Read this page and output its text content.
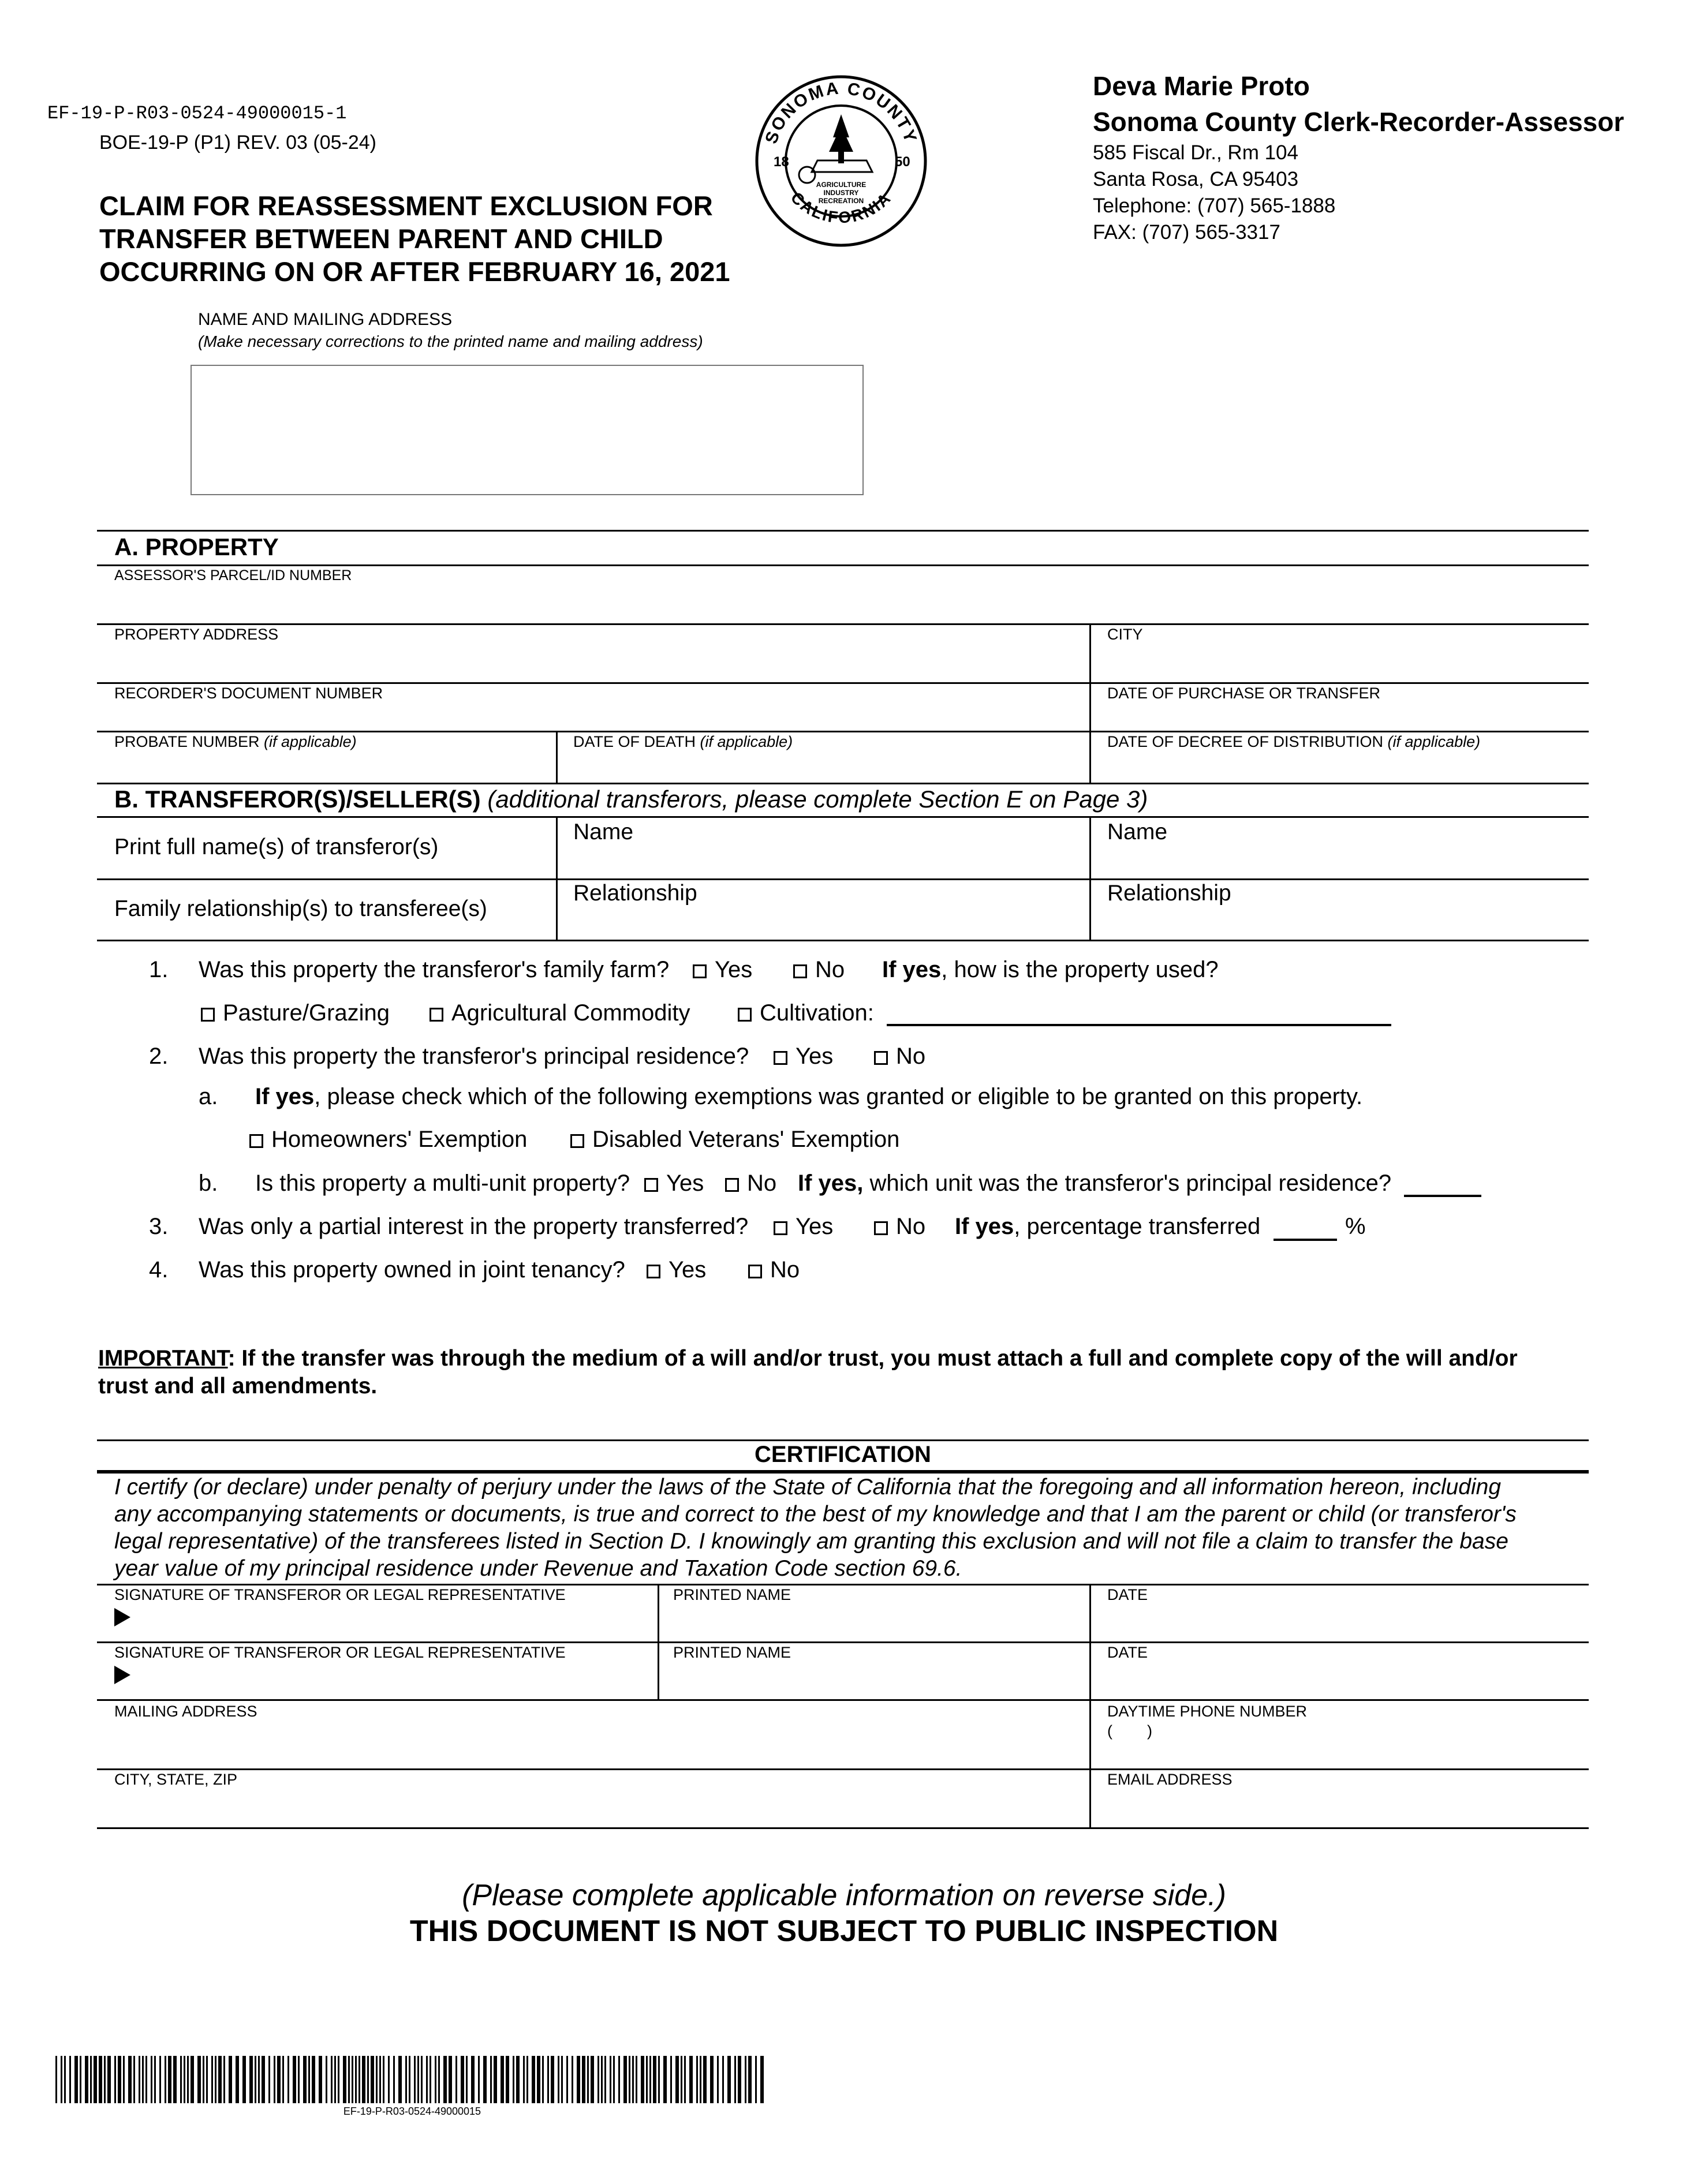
EF-19-P-R03-0524-49000015-1
BOE-19-P (P1) REV. 03 (05-24)
CLAIM FOR REASSESSMENT EXCLUSION FOR
TRANSFER BETWEEN PARENT AND CHILD
OCCURRING ON OR AFTER FEBRUARY 16, 2021
SONOMA COUNTY
CALIFORNIA
18	50
AGRICULTURE
INDUSTRY
RECREATION
Deva Marie Proto
Sonoma County Clerk-Recorder-Assessor
585 Fiscal Dr., Rm 104
Santa Rosa, CA 95403
Telephone: (707) 565-1888
FAX: (707) 565-3317
NAME AND MAILING ADDRESS
(Make necessary corrections to the printed name and mailing address)
A. PROPERTY
ASSESSOR'S PARCEL/ID NUMBER
PROPERTY ADDRESS	CITY
RECORDER'S DOCUMENT NUMBER	DATE OF PURCHASE OR TRANSFER
PROBATE NUMBER (if applicable)	DATE OF DEATH (if applicable)	DATE OF DECREE OF DISTRIBUTION (if applicable)
B. TRANSFEROR(S)/SELLER(S) (additional transferors, please complete Section E on Page 3)
Print full name(s) of transferor(s)
Name	Name
Family relationship(s) to transferee(s)
Relationship	Relationship
1. Was this property the transferor's family farm?	Yes	No If yes, how is the property used?
Pasture/Grazing	Agricultural Commodity	Cultivation:
2. Was this property the transferor's principal residence?	Yes	No
a. If yes, please check which of the following exemptions was granted or eligible to be granted on this property.
Homeowners' Exemption	Disabled Veterans' Exemption
b. Is this property a multi-unit property?	Yes	No If yes, which unit was the transferor's principal residence?
3. Was only a partial interest in the property transferred?	Yes	No If yes, percentage transferred	%
4. Was this property owned in joint tenancy?	Yes	No
IMPORTANT: If the transfer was through the medium of a will and/or trust, you must attach a full and complete copy of the will and/or
trust and all amendments.
CERTIFICATION
I certify (or declare) under penalty of perjury under the laws of the State of California that the foregoing and all information hereon, including
any accompanying statements or documents, is true and correct to the best of my knowledge and that I am the parent or child (or transferor's
legal representative) of the transferees listed in Section D. I knowingly am granting this exclusion and will not file a claim to transfer the base
year value of my principal residence under Revenue and Taxation Code section 69.6.
SIGNATURE OF TRANSFEROR OR LEGAL REPRESENTATIVE	PRINTED NAME	DATE
SIGNATURE OF TRANSFEROR OR LEGAL REPRESENTATIVE	PRINTED NAME	DATE
MAILING ADDRESS	DAYTIME PHONE NUMBER
(        )
CITY, STATE, ZIP	EMAIL ADDRESS
(Please complete applicable information on reverse side.)
THIS DOCUMENT IS NOT SUBJECT TO PUBLIC INSPECTION
EF-19-P-R03-0524-49000015
